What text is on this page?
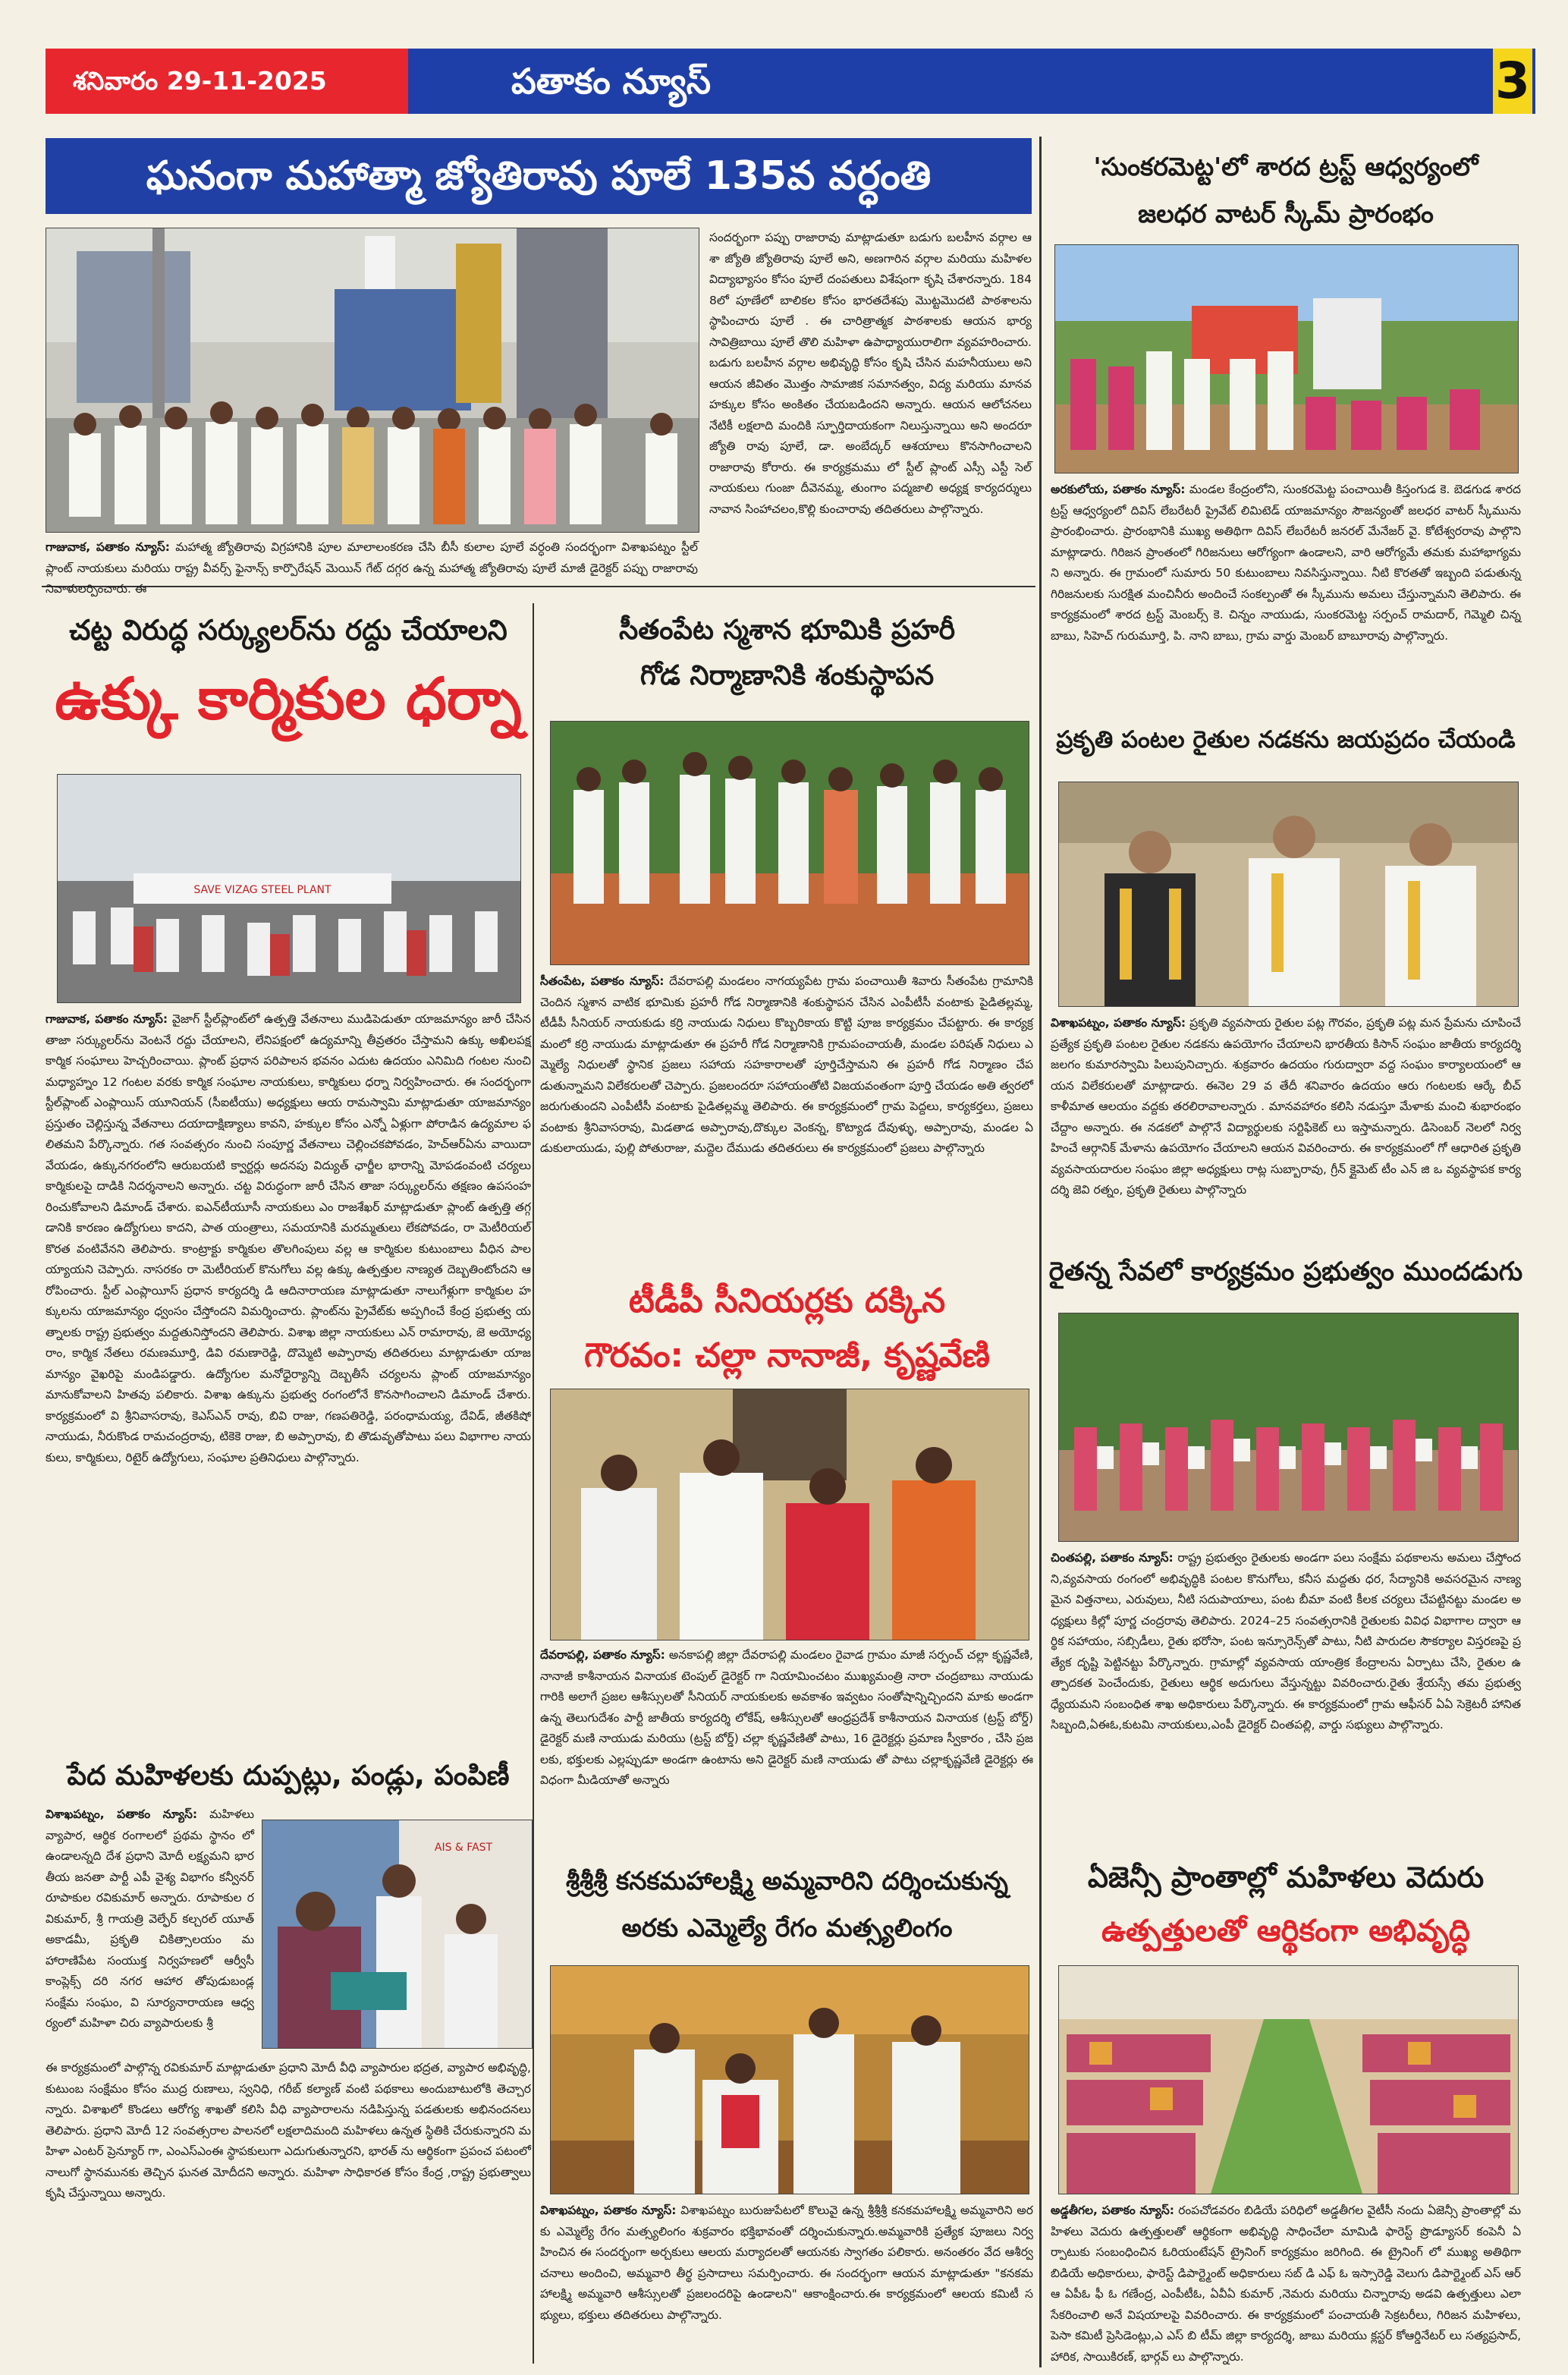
శనివారం 29-11-2025	పతాకం న్యూస్	3
ఘనంగా మహాత్మా జ్యోతిరావు పూలే 135వ వర్ధంతి
గాజువాక, పతాకం న్యూస్: మహాత్మ జ్యోతిరావు విగ్రహానికి పూల మాలాలంకరణ చేసి బీసీ కులాల పూలే వర్ధంతి సందర్భంగా విశాఖపట్నం స్టీల్ ప్లాంట్ నాయకులు మరియు రాష్ట్ర వీవర్స్ ఫైనాన్స్ కార్పొరేషన్ మెయిన్ గేట్ దగ్గర ఉన్న మహాత్మ జ్యోతిరావు పూలే మాజీ డైరెక్టర్ పప్పు రాజారావు నివాళులర్పించారు. ఈ
సందర్భంగా పప్పు రాజారావు మాట్లాడుతూ బడుగు బలహీన వర్గాల ఆశా జ్యోతి జ్యోతిరావు పూలే అని, అణగారిన వర్గాల మరియు మహిళల విద్యాభ్యాసం కోసం పూలే దంపతులు విశేషంగా కృషి చేశారన్నారు. 1848లో పూణేలో బాలికల కోసం భారతదేశపు మొట్టమొదటి పాఠశాలను స్థాపించారు పూలే . ఈ చారిత్రాత్మక పాఠశాలకు ఆయన భార్య సావిత్రిబాయి పూలే తొలి మహిళా ఉపాధ్యాయురాలిగా వ్యవహరించారు. బడుగు బలహీన వర్గాల అభివృద్ధి కోసం కృషి చేసిన మహనీయులు అని ఆయన జీవితం మొత్తం సామాజిక సమానత్వం, విద్య మరియు మానవ హక్కుల కోసం అంకితం చేయబడిందని అన్నారు. ఆయన ఆలోచనలు నేటికీ లక్షలాది మందికి స్ఫూర్తిదాయకంగా నిలుస్తున్నాయి అని అందరూ జ్యోతి రావు పూలే, డా. అంబేద్కర్ ఆశయాలు కొనసాగించాలని రాజారావు కోరారు. ఈ కార్యక్రమము లో స్టీల్ ప్లాంట్ ఎస్సీ ఎస్టీ సెల్ నాయకులు గుంజా దీవెనమ్మ, తుంగాం పద్మజాలి అధ్యక్ష కార్యదర్శులు నావాన సింహాచలం,కొల్లి కుంచారావు తదితరులు పాల్గొన్నారు.
'సుంకరమెట్ట'లో శారద ట్రస్ట్ ఆధ్వర్యంలో
జలధర వాటర్ స్కీమ్ ప్రారంభం
అరకులోయ, పతాకం న్యూస్: మండల కేంద్రంలోని, సుంకరమెట్ట పంచాయితీ కిస్తంగుడ కె. బెడగుడ శారద ట్రస్ట్ ఆధ్వర్యంలో దివిస్ లేబరేటరీ ప్రైవేట్ లిమిటెడ్ యాజమాన్యం సౌజన్యంతో జలధర వాటర్ స్కీమును ప్రారంభించారు. ప్రారంభానికి ముఖ్య అతిథిగా దివిస్ లేబరేటరీ జనరల్ మేనేజర్ వై. కోటేశ్వరరావు పాల్గొని మాట్లాడారు. గిరిజన ప్రాంతంలో గిరిజనులు ఆరోగ్యంగా ఉండాలని, వారి ఆరోగ్యమే తమకు మహాభాగ్యమని అన్నారు. ఈ గ్రామంలో సుమారు 50 కుటుంబాలు నివసిస్తున్నాయి. నీటి కొరతతో ఇబ్బంది పడుతున్న గిరిజనులకు సురక్షిత మంచినీరు అందించే సంకల్పంతో ఈ స్కీమును అమలు చేస్తున్నామని తెలిపారు. ఈ కార్యక్రమంలో శారద ట్రస్ట్ మెంబర్స్ కె. చిన్నం నాయుడు, సుంకరమెట్ట సర్పంచ్ రామదార్, గెమ్మెలి చిన్నబాబు, సిహెచ్ గురుమూర్తి, పి. నాని బాబు, గ్రామ వార్డు మెంబర్ బాబూరావు పాల్గొన్నారు.
చట్ట విరుద్ధ సర్క్యులర్‌ను రద్దు చేయాలని
ఉక్కు కార్మికుల ధర్నా
SAVE VIZAG STEEL PLANT
గాజువాక, పతాకం న్యూస్: వైజాగ్ స్టీల్‌ప్లాంట్‌లో ఉత్పత్తి వేతనాలు ముడిపెడుతూ యాజమాన్యం జారీ చేసిన తాజా సర్క్యులర్‌ను వెంటనే రద్దు చేయాలని, లేనిపక్షంలో ఉద్యమాన్ని తీవ్రతరం చేస్తామని ఉక్కు అఖిలపక్ష కార్మిక సంఘాలు హెచ్చరించాయి. ప్లాంట్ ప్రధాన పరిపాలన భవనం ఎదుట ఉదయం ఎనిమిది గంటల నుంచి మధ్యాహ్నం 12 గంటల వరకు కార్మిక సంఘాల నాయకులు, కార్మికులు ధర్నా నిర్వహించారు. ఈ సందర్భంగా స్టీల్‌ప్లాంట్ ఎంప్లాయిస్ యూనియన్ (సీఐటీయు) అధ్యక్షులు ఆయ రామస్వామి మాట్లాడుతూ యాజమాన్యం ప్రస్తుతం చెల్లిస్తున్న వేతనాలు దయాదాక్షిణ్యాలు కావని, హక్కుల కోసం ఎన్నో ఏళ్లుగా పోరాడిన ఉద్యమాల ఫలితమని పేర్కొన్నారు. గత సంవత్సరం నుంచి సంపూర్ణ వేతనాలు చెల్లించకపోవడం, హెచ్‌ఆర్‌ఏను వాయిదా వేయడం, ఉక్కునగరంలోని ఆరుబయటి క్వార్టర్లు అదనపు విద్యుత్ ఛార్జీల భారాన్ని మోపడంవంటి చర్యలు కార్మికులపై దాడికి నిదర్శనాలని అన్నారు. చట్ట విరుద్ధంగా జారీ చేసిన తాజా సర్క్యులర్‌ను తక్షణం ఉపసంహరించుకోవాలని డిమాండ్ చేశారు. ఐఎన్‌టీయూసీ నాయకులు ఎం రాజశేఖర్ మాట్లాడుతూ ప్లాంట్ ఉత్పత్తి తగ్గడానికి కారణం ఉద్యోగులు కాదని, పాత యంత్రాలు, సమయానికి మరమ్మతులు లేకపోవడం, రా మెటీరియల్ కొరత వంటివేనని తెలిపారు. కాంట్రాక్టు కార్మికుల తొలగింపులు వల్ల ఆ కార్మికుల కుటుంబాలు వీధిన పాలయ్యాయని చెప్పారు. నాసరకం రా మెటీరియల్ కొనుగోలు వల్ల ఉక్కు ఉత్పత్తుల నాణ్యత దెబ్బతింటోందని ఆరోపించారు. స్టీల్ ఎంప్లాయీస్ ప్రధాన కార్యదర్శి డి ఆదినారాయణ మాట్లాడుతూ నాలుగేళ్లుగా కార్మికుల హక్కులను యాజమాన్యం ధ్వంసం చేస్తోందని విమర్శించారు. ప్లాంట్‌ను ప్రైవేట్‌కు అప్పగించే కేంద్ర ప్రభుత్వ యత్నాలకు రాష్ట్ర ప్రభుత్వం మద్దతునిస్తోందని తెలిపారు. విశాఖ జిల్లా నాయకులు ఎన్ రామారావు, జె అయోధ్యరాం, కార్మిక నేతలు రమణమూర్తి, డివి రమణారెడ్డి, దొమ్మెటి అప్పారావు తదితరులు మాట్లాడుతూ యాజమాన్యం వైఖరిపై మండిపడ్డారు. ఉద్యోగుల మనోధైర్యాన్ని దెబ్బతీసే చర్యలను ప్లాంట్ యాజమాన్యం మానుకోవాలని హితవు పలికారు. విశాఖ ఉక్కును ప్రభుత్వ రంగంలోనే కొనసాగించాలని డిమాండ్ చేశారు. కార్యక్రమంలో వి శ్రీనివాసరావు, కెఎస్ఎన్ రావు, బివి రాజు, గణపతిరెడ్డి, పరంధామయ్య, దేవిడ్, జీతకిషో నాయుడు, నీరుకొండ రామచంద్రరావు, టికెకె రాజు, బి అప్పారావు, బి తొడువృతోపాటు పలు విభాగాల నాయకులు, కార్మికులు, రిటైర్ ఉద్యోగులు, సంఘాల ప్రతినిధులు పాల్గొన్నారు.
పేద మహిళలకు దుప్పట్లు, పండ్లు, పంపిణీ
విశాఖపట్నం, పతాకం న్యూస్: మహిళలు వ్యాపార, ఆర్థిక రంగాలలో ప్రథమ స్థానం లో ఉండాలన్నది దేశ ప్రధాని మోదీ లక్ష్యమని భారతీయ జనతా పార్టీ ఎపీ వైశ్య విభాగం కన్వీనర్ రూపాకుల రవికుమార్ అన్నారు. రూపాకుల రవికుమార్, శ్రీ గాయత్రి వెల్ఫేర్ కల్చరల్ యూత్ అకాడమీ, ప్రకృతి చికిత్సాలయం మహారాణిపేట సంయుక్త నిర్వహణలో ఆర్వీసీ కాంప్లెక్స్ దరి నగర ఆహార తోపుడుబండ్ల సంక్షేమ సంఘం, వి సూర్యనారాయణ ఆధ్వర్యంలో మహిళా చిరు వ్యాపారులకు శ్రీ
AIS & FAST
ఈ కార్యక్రమంలో పాల్గొన్న రవికుమార్ మాట్లాడుతూ ప్రధాని మోదీ వీధి వ్యాపారుల భద్రత, వ్యాపార అభివృద్ధి, కుటుంబ సంక్షేమం కోసం ముద్ర రుణాలు, స్వనిధి, గరీబ్ కల్యాణ్ వంటి పథకాలు అందుబాటులోకి తెచ్చారన్నారు. విశాఖలో కొండలు ఆరోగ్య శాఖతో కలిసి వీధి వ్యాపారాలను నడిపిస్తున్న పడతులకు అభినందనలు తెలిపారు. ప్రధాని మోదీ 12 సంవత్సరాల పాలనలో లక్షలాదిమంది మహిళలు ఉన్నత స్థితికి చేరుకున్నారని మహిళా ఎంటర్ ప్రెన్యూర్ గా, ఎంఎస్ఎంఈ స్థాపకులుగా ఎదుగుతున్నారని, భారత్ ను ఆర్థికంగా ప్రపంచ పటంలో నాలుగో స్థానమునకు తెచ్చిన ఘనత మోదీదని అన్నారు. మహిళా సాధికారత కోసం కేంద్ర ,రాష్ట్ర ప్రభుత్వాలు కృషి చేస్తున్నాయి అన్నారు.
సీతంపేట స్మశాన భూమికి ప్రహరీ
గోడ నిర్మాణానికి శంకుస్థాపన
సీతంపేట, పతాకం న్యూస్: దేవరాపల్లి మండలం నాగయ్యపేట గ్రామ పంచాయితీ శివారు సీతంపేట గ్రామానికి చెందిన స్మశాన వాటిక భూమికు ప్రహరీ గోడ నిర్మాణానికి శంకుస్థాపన చేసిన ఎంపీటీసీ వంటాకు పైడితల్లమ్మ, టీడీపీ సీనియర్ నాయకుడు కర్రి నాయుడు నిధులు కొబ్బరికాయ కొట్టి పూజ కార్యక్రమం చేపట్టారు. ఈ కార్యక్రమంలో కర్రి నాయుడు మాట్లాడుతూ ఈ ప్రహరీ గోడ నిర్మాణానికి గ్రామపంచాయతీ, మండల పరిషత్ నిధులు ఎమ్మెల్యే నిధులతో స్థానిక ప్రజలు సహాయ సహకారాలతో పూర్తిచేస్తామని ఈ ప్రహరీ గోడ నిర్మాణం చేపడుతున్నామని విలేకరులతో చెప్పారు. ప్రజలందరూ సహాయంతోటి విజయవంతంగా పూర్తి చేయడం అతి త్వరలో జరుగుతుందని ఎంపీటీసీ వంటాకు పైడితల్లమ్మ తెలిపారు. ఈ కార్యక్రమంలో గ్రామ పెద్దలు, కార్యకర్తలు, ప్రజలు వంటాకు శ్రీనివాసరావు, మిడతాడ అప్పారావు,దొక్కుల వెంకన్న, కొట్యాడ దేవుళ్ళు, అప్పారావు, మండల ఏడుకులాయుడు, పుల్లి పోతురాజు, మద్దెల దేముడు తదితరులు ఈ కార్యక్రమంలో ప్రజలు పాల్గొన్నారు
టీడీపీ సీనియర్లకు దక్కిన
గౌరవం: చల్లా నానాజీ, కృష్ణవేణి
దేవరాపల్లి, పతాకం న్యూస్: అనకాపల్లి జిల్లా దేవరాపల్లి మండలం రైవాడ గ్రామం మాజీ సర్పంచ్ చల్లా కృష్ణవేణి,నానాజీ కాశీనాయన వినాయక టెంపుల్ డైరెక్టర్ గా నియామించటం ముఖ్యమంత్రి నారా చంద్రబాబు నాయుడు గారికి అలాగే ప్రజల ఆశీస్సులతో సీనియర్ నాయకులకు అవకాశం ఇవ్వటం సంతోషాన్నిచ్చిందని మాకు అండగా ఉన్న తెలుగుదేశం పార్టీ జాతీయ కార్యదర్శి లోకేష్, ఆశీస్సులతో ఆంధ్రప్రదేశ్ కాశీనాయన వినాయక (ట్రస్ట్ బోర్డ్) డైరెక్టర్ మణి నాయుడు మరియు (ట్రస్ట్ బోర్డ్) చల్లా కృష్ణవేణితో పాటు, 16 డైరెక్టర్లు ప్రమాణ స్వీకారం , చేసి ప్రజలకు, భక్తులకు ఎల్లప్పుడూ అండగా ఉంటాను అని డైరెక్టర్ మణి నాయుడు తో పాటు చల్లాకృష్ణవేణి డైరెక్టర్లు ఈ విధంగా మీడియాతో అన్నారు
శ్రీశ్రీశ్రీ కనకమహాలక్ష్మి అమ్మవారిని దర్శించుకున్న
అరకు ఎమ్మెల్యే రేగం మత్స్యలింగం
విశాఖపట్నం, పతాకం న్యూస్: విశాఖపట్నం బురుజుపేటలో కొలువై ఉన్న శ్రీశ్రీశ్రీ కనకమహాలక్ష్మి అమ్మవారిని అరకు ఎమ్మెల్యే రేగం మత్స్యలింగం శుక్రవారం భక్తిభావంతో దర్శించుకున్నారు.అమ్మవారికి ప్రత్యేక పూజలు నిర్వహించిన ఈ సందర్భంగా అర్చకులు ఆలయ మర్యాదలతో ఆయనకు స్వాగతం పలికారు. అనంతరం వేద ఆశీర్వచనాలు అందించి, అమ్మవారి తీర్థ ప్రసాదాలు సమర్పించారు. ఈ సందర్భంగా ఆయన మాట్లాడుతూ "కనకమహాలక్ష్మి అమ్మవారి ఆశీస్సులతో ప్రజలందరిపై ఉండాలని" ఆకాంక్షించారు.ఈ కార్యక్రమంలో ఆలయ కమిటీ సభ్యులు, భక్తులు తదితరులు పాల్గొన్నారు.
ప్రకృతి పంటల రైతుల నడకను జయప్రదం చేయండి
విశాఖపట్నం, పతాకం న్యూస్: ప్రకృతి వ్యవసాయ రైతుల పట్ల గౌరవం, ప్రకృతి పట్ల మన ప్రేమను చూపించే ప్రత్యేక ప్రకృతి పంటల రైతుల నడకను ఉపయోగం చేయాలని భారతీయ కిసాన్ సంఘం జాతీయ కార్యదర్శి జలగం కుమారస్వామి పిలుపునిచ్చారు. శుక్రవారం ఉదయం గురుద్వారా వద్ద సంఘం కార్యాలయంలో ఆయన విలేకరులతో మాట్లాడారు. ఈనెల 29 వ తేదీ శనివారం ఉదయం ఆరు గంటలకు ఆర్కే బీచ్ కాళీమాత ఆలయం వద్దకు తరలిరావాలన్నారు . మానవహారం కలిసి నడుస్తూ మేళాకు మంచి శుభారంభం చేద్దాం అన్నారు. ఈ నడకలో పాల్గొనే విద్యార్థులకు సర్టిఫికెట్ లు ఇస్తామన్నారు. డిసెంబర్ నెలలో నిర్వహించే ఆర్గానిక్ మేళాను ఉపయోగం చేయాలని ఆయన వివరించారు. ఈ కార్యక్రమంలో గో ఆధారిత ప్రకృతి వ్యవసాయదారుల సంఘం జిల్లా అధ్యక్షులు రాట్ల సుబ్బారావు, గ్రీన్ క్లైమెట్ టీం ఎన్ జి ఒ వ్యవస్థాపక కార్యదర్శి జెవి రత్నం, ప్రకృతి రైతులు పాల్గొన్నారు
రైతన్న సేవలో కార్యక్రమం ప్రభుత్వం ముందడుగు
చింతపల్లి, పతాకం న్యూస్: రాష్ట్ర ప్రభుత్వం రైతులకు అండగా పలు సంక్షేమ పథకాలను అమలు చేస్తోందని,వ్యవసాయ రంగంలో అభివృద్ధికి పంటల కొనుగోలు, కనీస మద్దతు ధర, సేద్యానికి అవసరమైన నాణ్యమైన విత్తనాలు, ఎరువులు, నీటి సదుపాయాలు, పంట బీమా వంటి కీలక చర్యలు చేపట్టినట్టు మండల అధ్యక్షులు కిల్లో పూర్ణ చంద్రరావు తెలిపారు. 2024–25 సంవత్సరానికి రైతులకు వివిధ విభాగాల ద్వారా ఆర్థిక సహాయం, సబ్సిడీలు, రైతు భరోసా, పంట ఇన్సూరెన్స్‌తో పాటు, నీటి పారుదల సౌకర్యాల విస్తరణపై ప్రత్యేక దృష్టి పెట్టినట్టు పేర్కొన్నారు. గ్రామాల్లో వ్యవసాయ యాంత్రిక కేంద్రాలను ఏర్పాటు చేసి, రైతుల ఉత్పాదకత పెంచేందుకు, రైతులు ఆర్థిక అదుగులు వేస్తున్నట్టు వివరించారు.రైతు శ్రేయస్సే తమ ప్రభుత్వ ధ్యేయమని సంబంధిత శాఖ అధికారులు పేర్కొన్నారు. ఈ కార్యక్రమంలో గ్రామ ఆఫీసర్ ఏఏ సెక్రెటరీ హానిత సిబ్బంది,ఏఈఓ,కుటమి నాయకులు,ఎంపీ డైరెక్టర్ చింతపల్లి, వార్డు సభ్యులు పాల్గొన్నారు.
ఏజెన్సీ ప్రాంతాల్లో మహిళలు వెదురు
ఉత్పత్తులతో ఆర్థికంగా అభివృద్ధి
అడ్డతీగల, పతాకం న్యూస్: రంపచోడవరం బిడియే పరిధిలో అడ్డతీగల వైటీసీ నందు ఏజెన్సీ ప్రాంతాల్లో మహిళలు వెదురు ఉత్పత్తులతో ఆర్థికంగా అభివృద్ధి సాధించేలా మామిడి ఫారెస్ట్ ప్రొడ్యూసర్ కంపెనీ ఏర్పాటుకు సంబంధించిన ఓరియంటేషన్ ట్రైనింగ్ కార్యక్రమం జరిగింది. ఈ ట్రైనింగ్ లో ముఖ్య అతిథిగా బిడియే అధికారులు, ఫారెస్ట్ డిపార్ట్మెంట్ అధికారులు సబ్ డి ఎఫ్ ఓ ఇస్సారెడ్డి వెలుగు డిపార్ట్మెంట్ ఎస్ ఆర్ ఆ ఏపీఓ ఫీ ఓ గణేంద్ర, ఎంపీటీఓ, ఏవీఏ కుమార్ ,నెమరు మరియు చిన్నారావు అడవి ఉత్పత్తులు ఎలా సేకరించాలి అనే విషయాలపై వివరించారు. ఈ కార్యక్రమంలో పంచాయతీ సెక్రటరీలు, గిరిజన మహిళలు, పెసా కమిటీ ప్రెసిడెంట్లు,ఎ ఎస్ బి టీమ్ జిల్లా కార్యదర్శి, జాబు మరియు క్లస్టర్ కోఆర్డినేటర్ లు సత్యప్రసాద్, హారిక, సాయికిరణ్, భార్గవ్ లు పాల్గొన్నారు.
